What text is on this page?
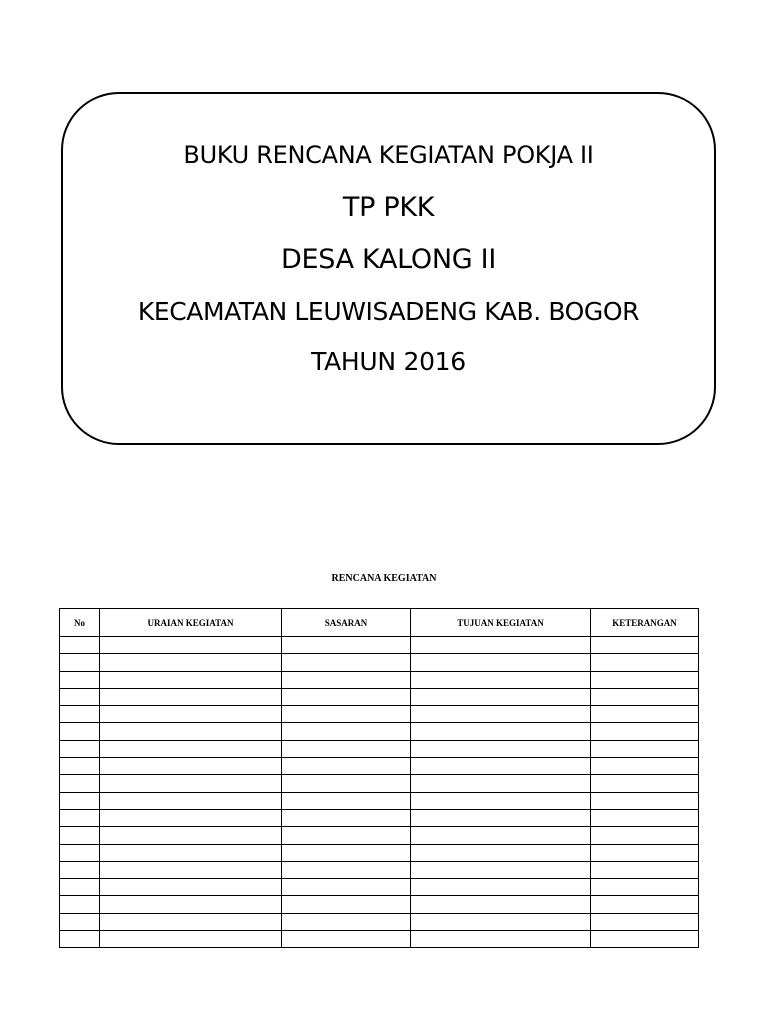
BUKU RENCANA KEGIATAN POKJA II
TP PKK
DESA KALONG II
KECAMATAN LEUWISADENG KAB. BOGOR
TAHUN 2016
RENCANA KEGIATAN
No	URAIAN KEGIATAN	SASARAN	TUJUAN KEGIATAN	KETERANGAN
